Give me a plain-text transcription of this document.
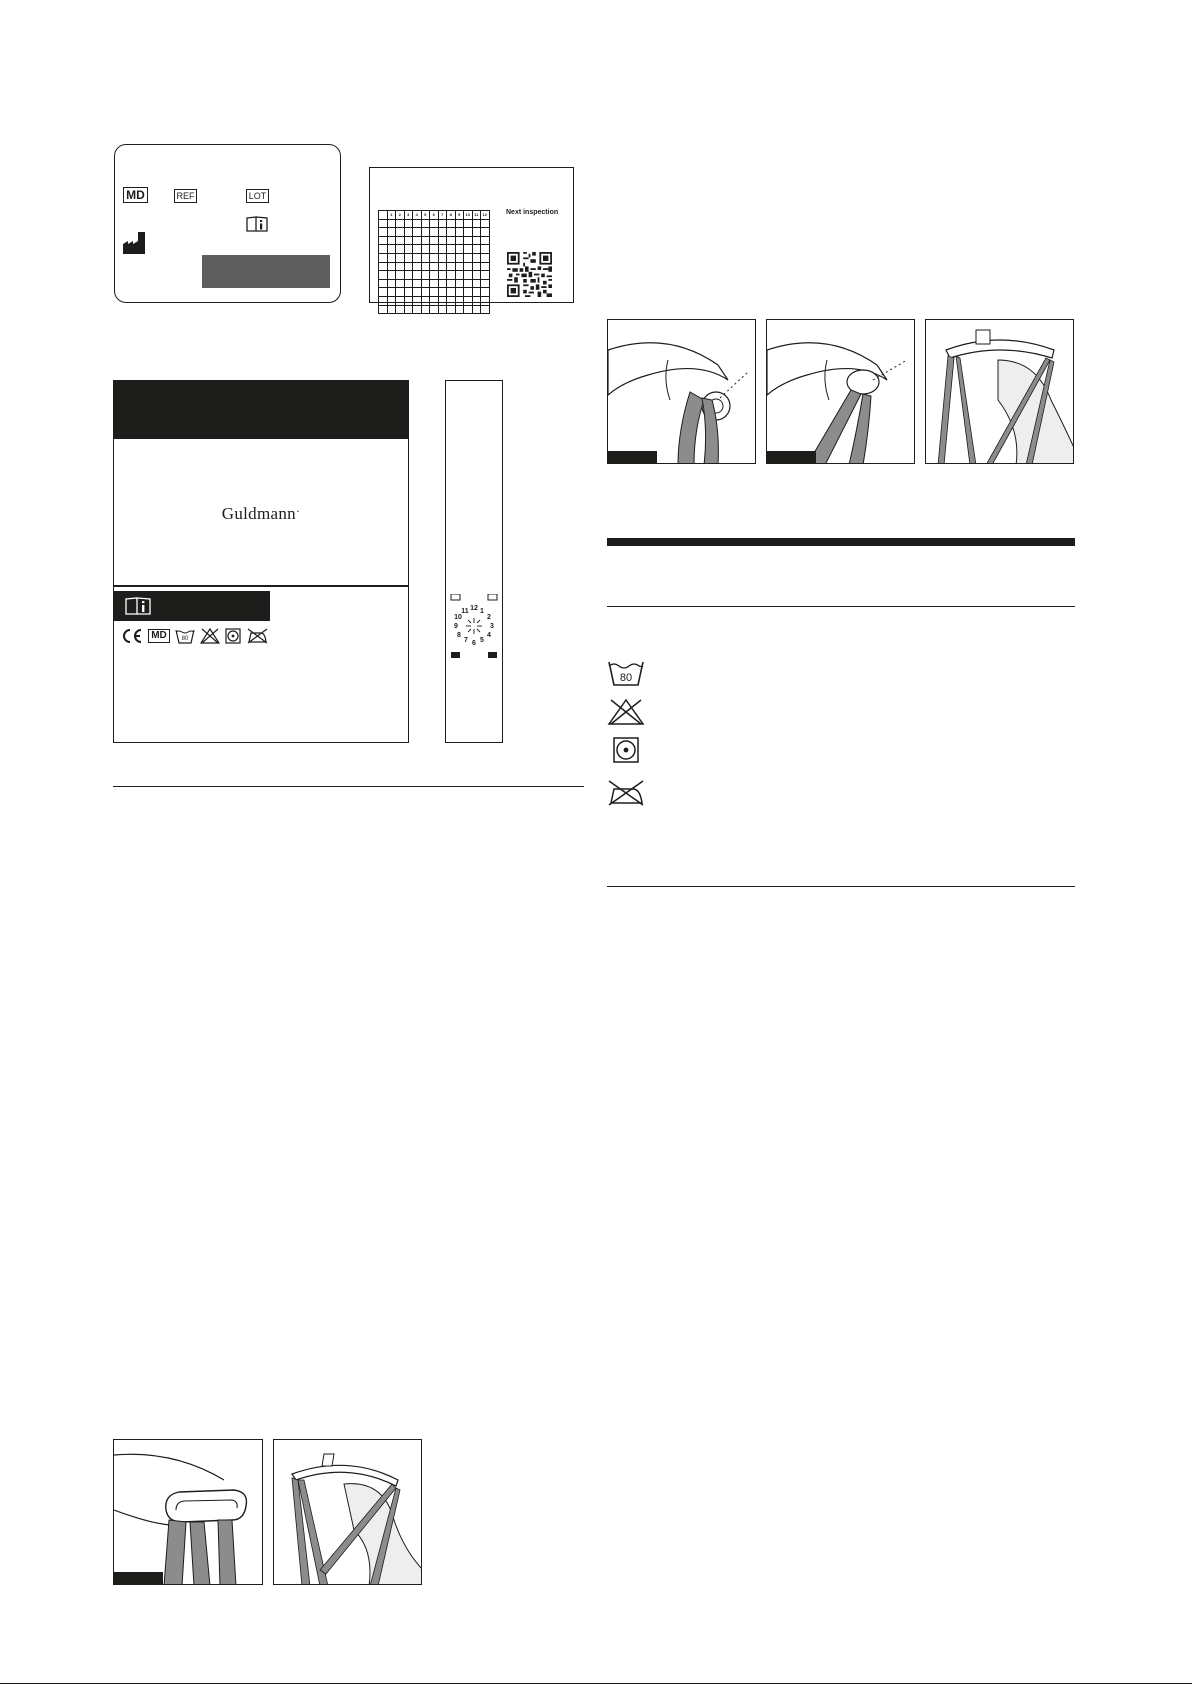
MD	REF	LOT
	1	2	3	4	5	6	7	8	9	10	11	12

													Next inspection
Guldmann·
MD	80
12 1
2
3
4
5
6
7
8
9
10
11
80
